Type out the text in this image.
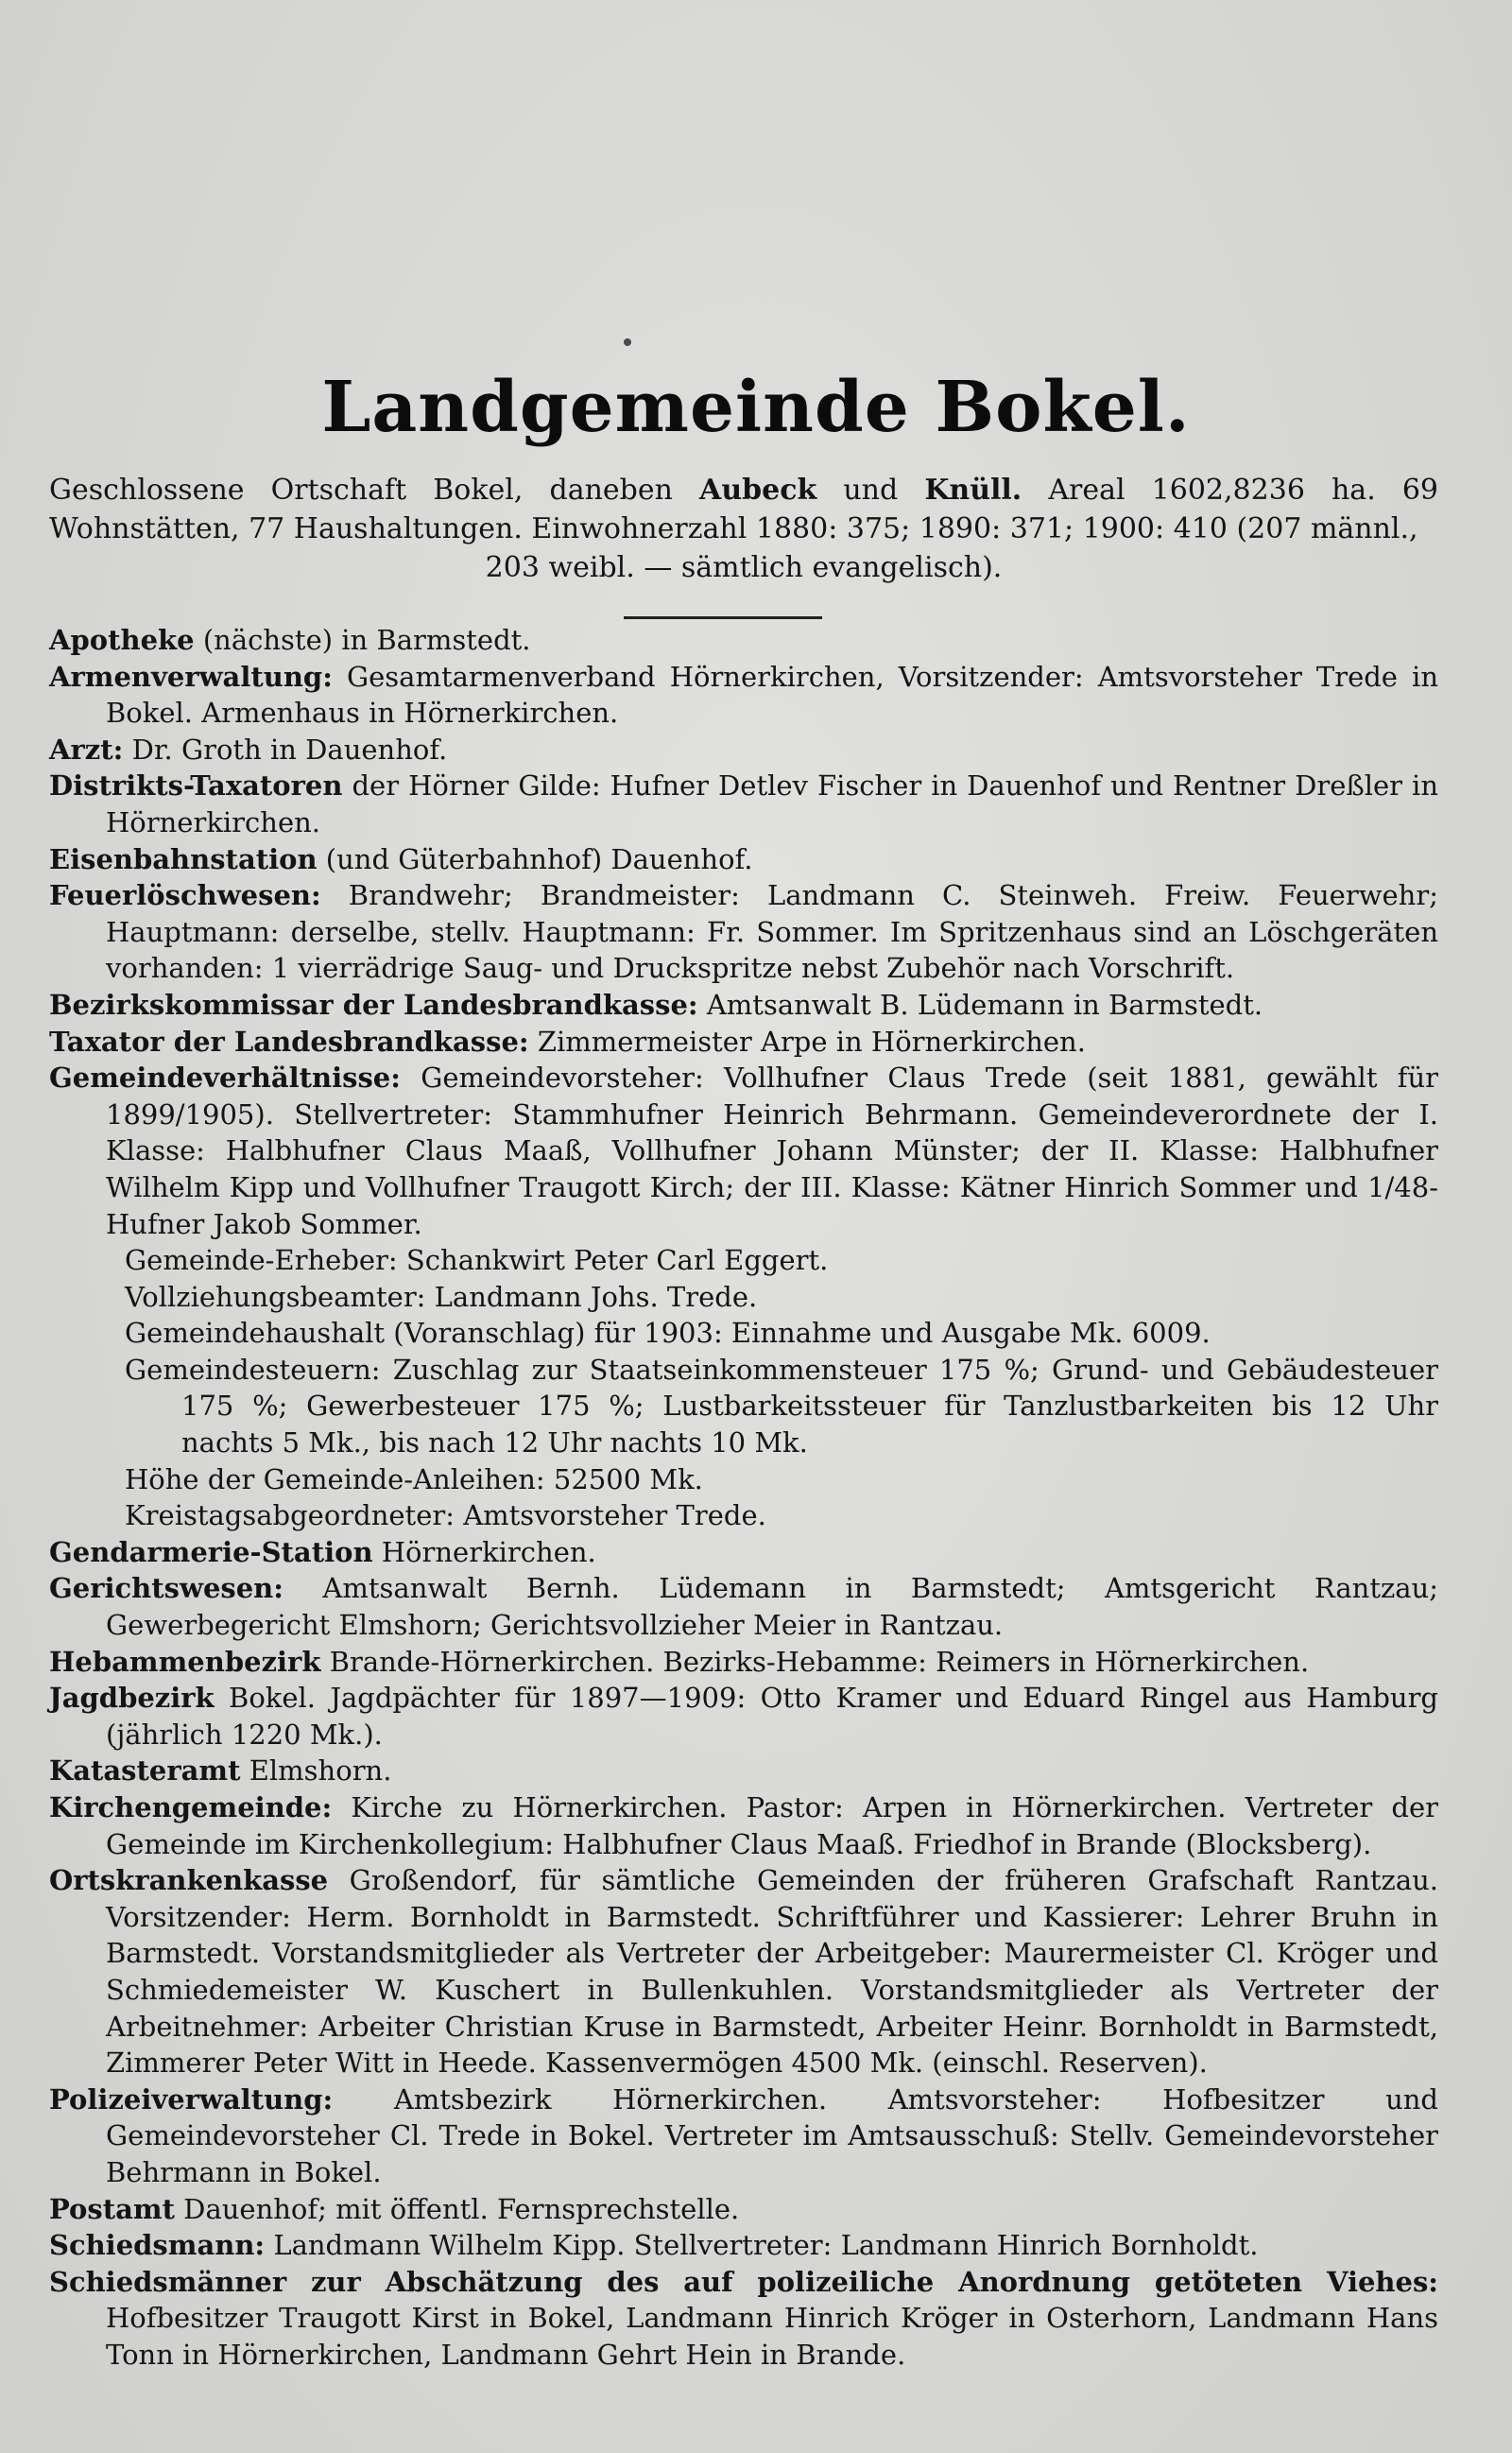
Landgemeinde Bokel.
Geschlossene Ortschaft Bokel, daneben Aubeck und Knüll. Areal 1602,8236 ha. 69 Wohnstätten, 77 Haushaltungen. Einwohnerzahl 1880: 375; 1890: 371; 1900: 410 (207 männl.,
203 weibl. — sämtlich evangelisch).

Apotheke (nächste) in Barmstedt.

Armenverwaltung: Gesamtarmenverband Hörnerkirchen, Vorsitzender: Amtsvorsteher Trede in Bokel. Armenhaus in Hörnerkirchen.

Arzt: Dr. Groth in Dauenhof.

Distrikts-Taxatoren der Hörner Gilde: Hufner Detlev Fischer in Dauenhof und Rentner Dreßler in Hörnerkirchen.

Eisenbahnstation (und Güterbahnhof) Dauenhof.

Feuerlöschwesen: Brandwehr; Brandmeister: Landmann C. Steinweh. Freiw. Feuerwehr; Hauptmann: derselbe, stellv. Hauptmann: Fr. Sommer. Im Spritzenhaus sind an Löschgeräten vorhanden: 1 vierrädrige Saug- und Druckspritze nebst Zubehör nach Vorschrift.

Bezirkskommissar der Landesbrandkasse: Amtsanwalt B. Lüdemann in Barmstedt.

Taxator der Landesbrandkasse: Zimmermeister Arpe in Hörnerkirchen.

Gemeindeverhältnisse: Gemeindevorsteher: Vollhufner Claus Trede (seit 1881, gewählt für 1899/1905). Stellvertreter: Stammhufner Heinrich Behrmann. Gemeindeverordnete der I. Klasse: Halbhufner Claus Maaß, Vollhufner Johann Münster; der II. Klasse: Halbhufner Wilhelm Kipp und Vollhufner Traugott Kirch; der III. Klasse: Kätner Hinrich Sommer und 1/48-Hufner Jakob Sommer.

Gemeinde-Erheber: Schankwirt Peter Carl Eggert.

Vollziehungsbeamter: Landmann Johs. Trede.

Gemeindehaushalt (Voranschlag) für 1903: Einnahme und Ausgabe Mk. 6009.

Gemeindesteuern: Zuschlag zur Staatseinkommensteuer 175 %; Grund- und Gebäudesteuer 175 %; Gewerbesteuer 175 %; Lustbarkeitssteuer für Tanzlustbarkeiten bis 12 Uhr nachts 5 Mk., bis nach 12 Uhr nachts 10 Mk.

Höhe der Gemeinde-Anleihen: 52500 Mk.

Kreistagsabgeordneter: Amtsvorsteher Trede.

Gendarmerie-Station Hörnerkirchen.

Gerichtswesen: Amtsanwalt Bernh. Lüdemann in Barmstedt; Amtsgericht Rantzau; Gewerbegericht Elmshorn; Gerichtsvollzieher Meier in Rantzau.

Hebammenbezirk Brande-Hörnerkirchen. Bezirks-Hebamme: Reimers in Hörnerkirchen.

Jagdbezirk Bokel. Jagdpächter für 1897—1909: Otto Kramer und Eduard Ringel aus Hamburg (jährlich 1220 Mk.).

Katasteramt Elmshorn.

Kirchengemeinde: Kirche zu Hörnerkirchen. Pastor: Arpen in Hörnerkirchen. Vertreter der Gemeinde im Kirchenkollegium: Halbhufner Claus Maaß. Friedhof in Brande (Blocksberg).

Ortskrankenkasse Großendorf, für sämtliche Gemeinden der früheren Grafschaft Rantzau. Vorsitzender: Herm. Bornholdt in Barmstedt. Schriftführer und Kassierer: Lehrer Bruhn in Barmstedt. Vorstandsmitglieder als Vertreter der Arbeitgeber: Maurermeister Cl. Kröger und Schmiedemeister W. Kuschert in Bullenkuhlen. Vorstandsmitglieder als Vertreter der Arbeitnehmer: Arbeiter Christian Kruse in Barmstedt, Arbeiter Heinr. Bornholdt in Barmstedt, Zimmerer Peter Witt in Heede. Kassenvermögen 4500 Mk. (einschl. Reserven).

Polizeiverwaltung: Amtsbezirk Hörnerkirchen. Amtsvorsteher: Hofbesitzer und Gemeindevorsteher Cl. Trede in Bokel. Vertreter im Amtsausschuß: Stellv. Gemeindevorsteher Behrmann in Bokel.

Postamt Dauenhof; mit öffentl. Fernsprechstelle.

Schiedsmann: Landmann Wilhelm Kipp. Stellvertreter: Landmann Hinrich Bornholdt.

Schiedsmänner zur Abschätzung des auf polizeiliche Anordnung getöteten Viehes: Hofbesitzer Traugott Kirst in Bokel, Landmann Hinrich Kröger in Osterhorn, Landmann Hans Tonn in Hörnerkirchen, Landmann Gehrt Hein in Brande.
